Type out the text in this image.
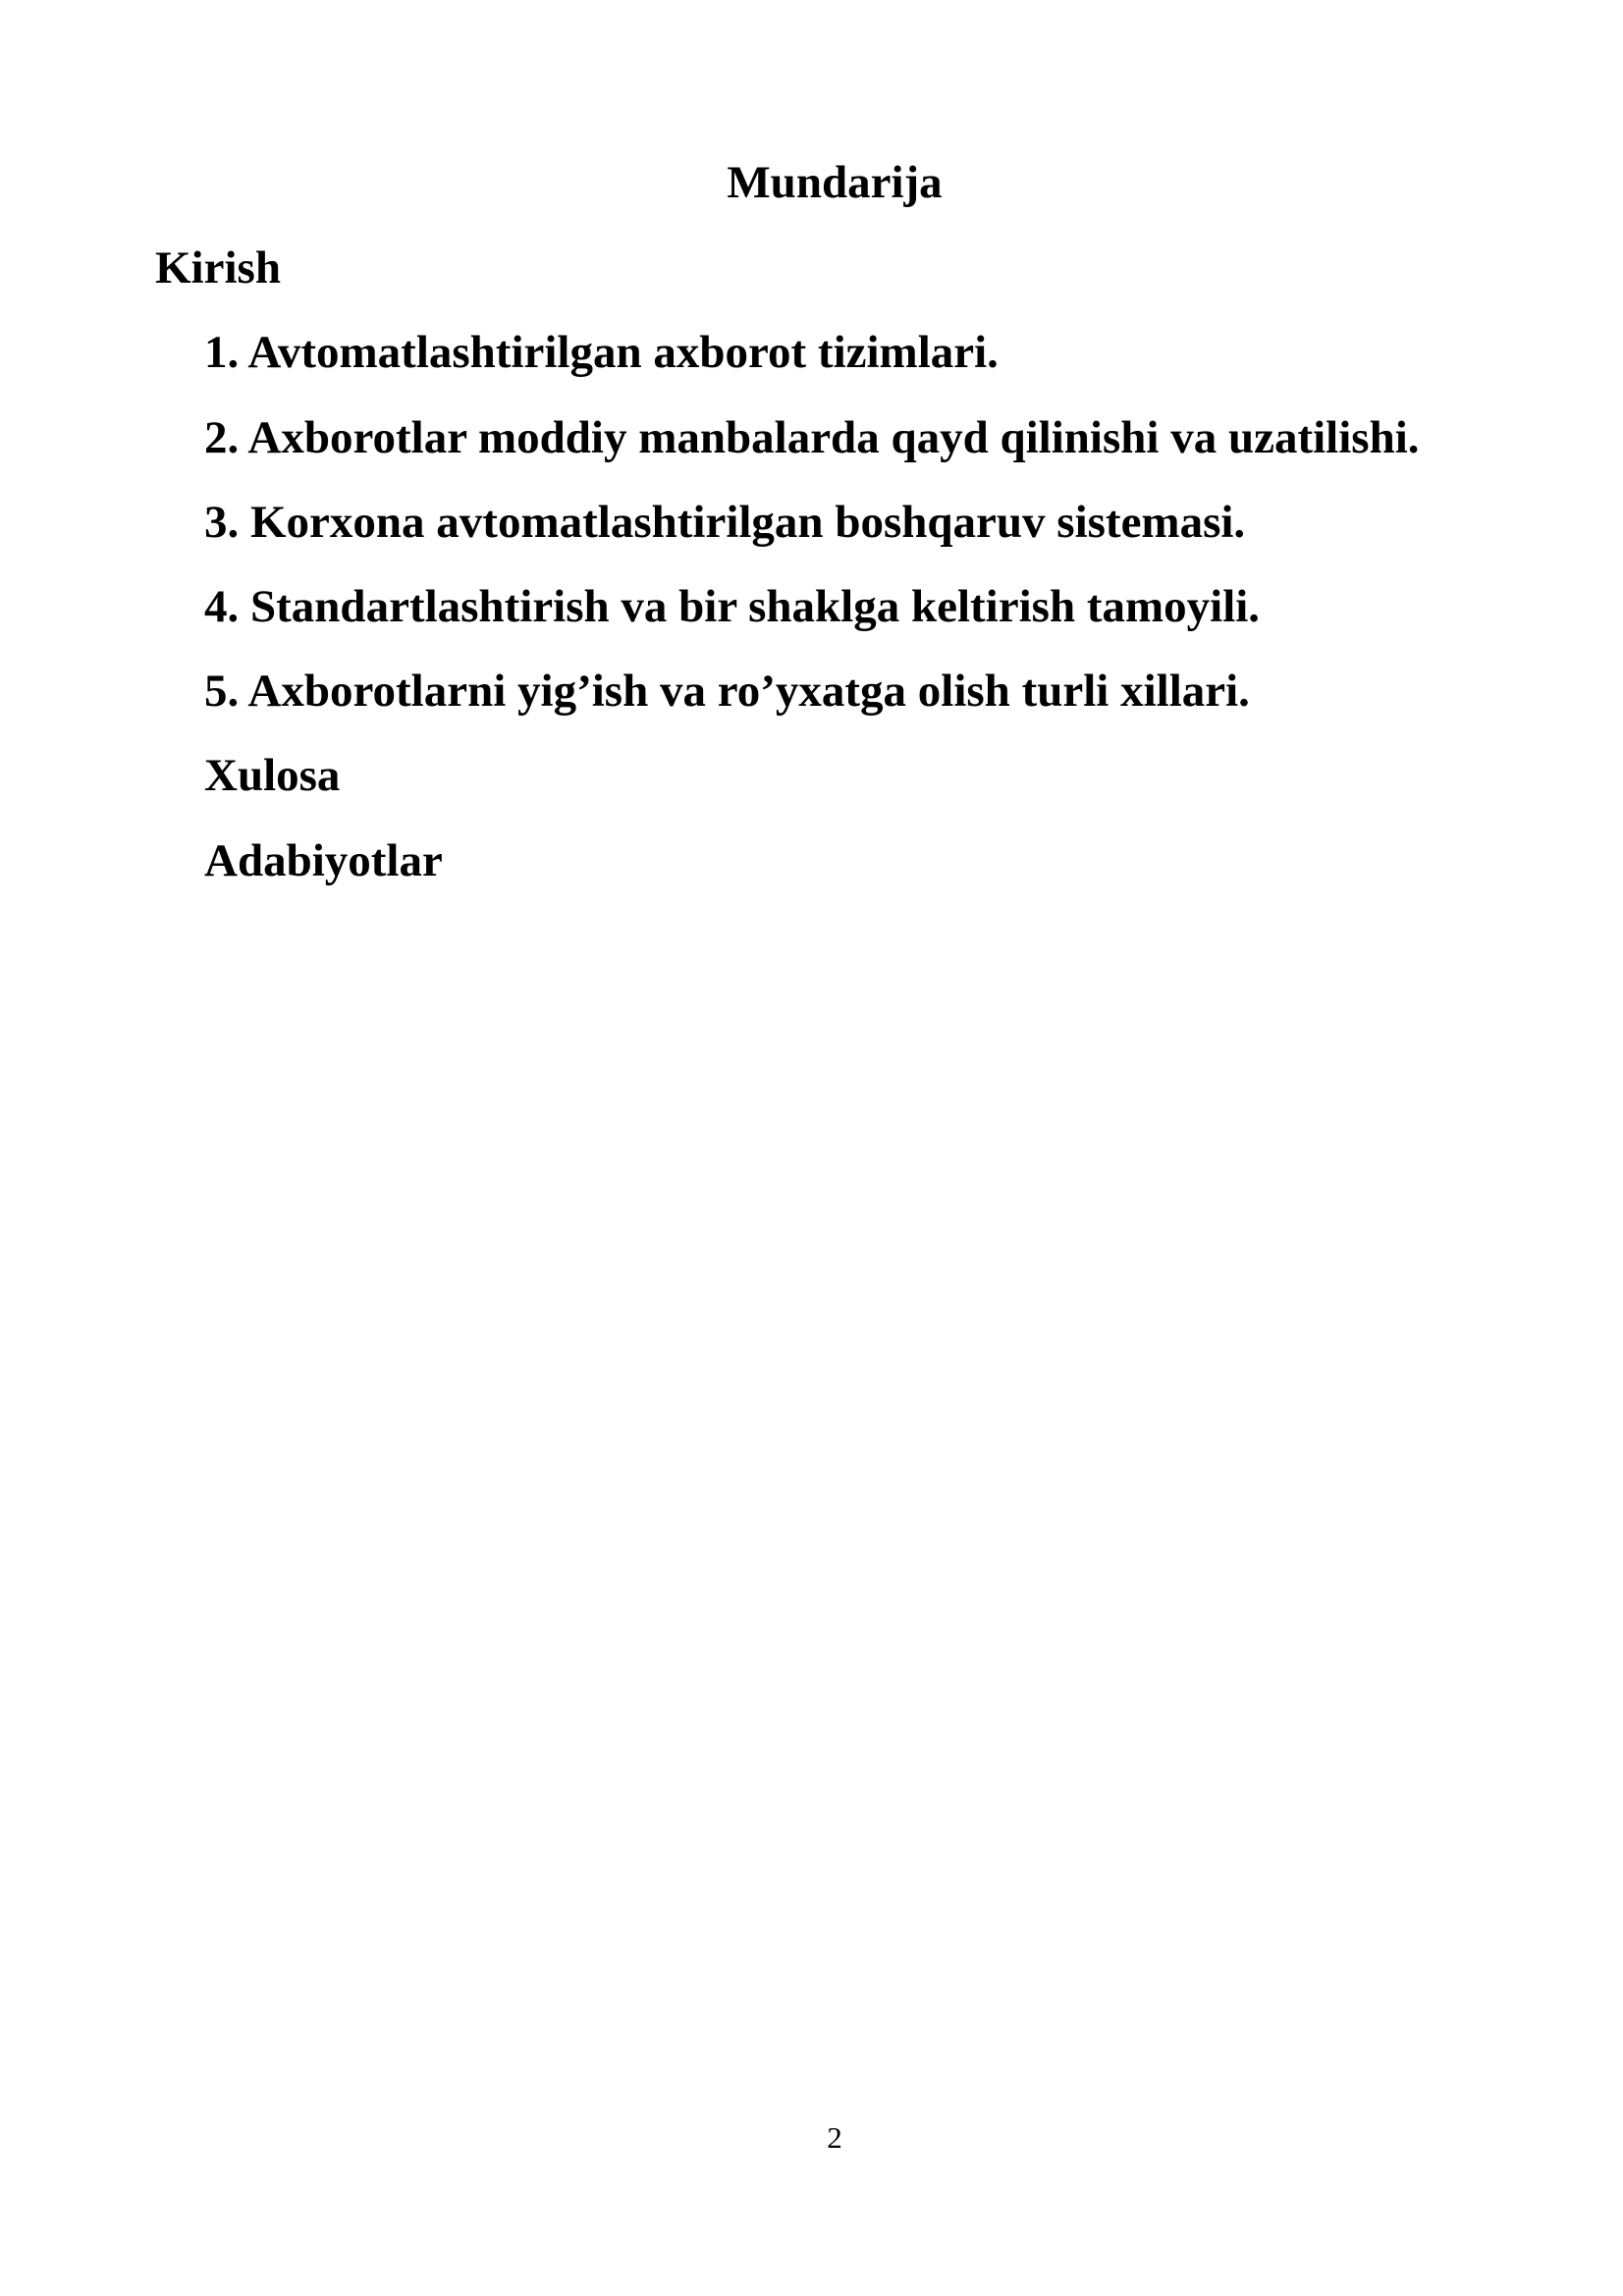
Mundarija
Kirish
1. Avtomatlashtirilgan axborot tizimlari.
2. Axborotlar moddiy manbalarda qayd qilinishi va uzatilishi.
3. Korxona avtomatlashtirilgan boshqaruv sistemasi.
4. Standartlashtirish va bir shaklga keltirish tamoyili.
5. Axborotlarni yig’ish va ro’yxatga olish turli xillari.
Xulosa
Adabiyotlar
2
